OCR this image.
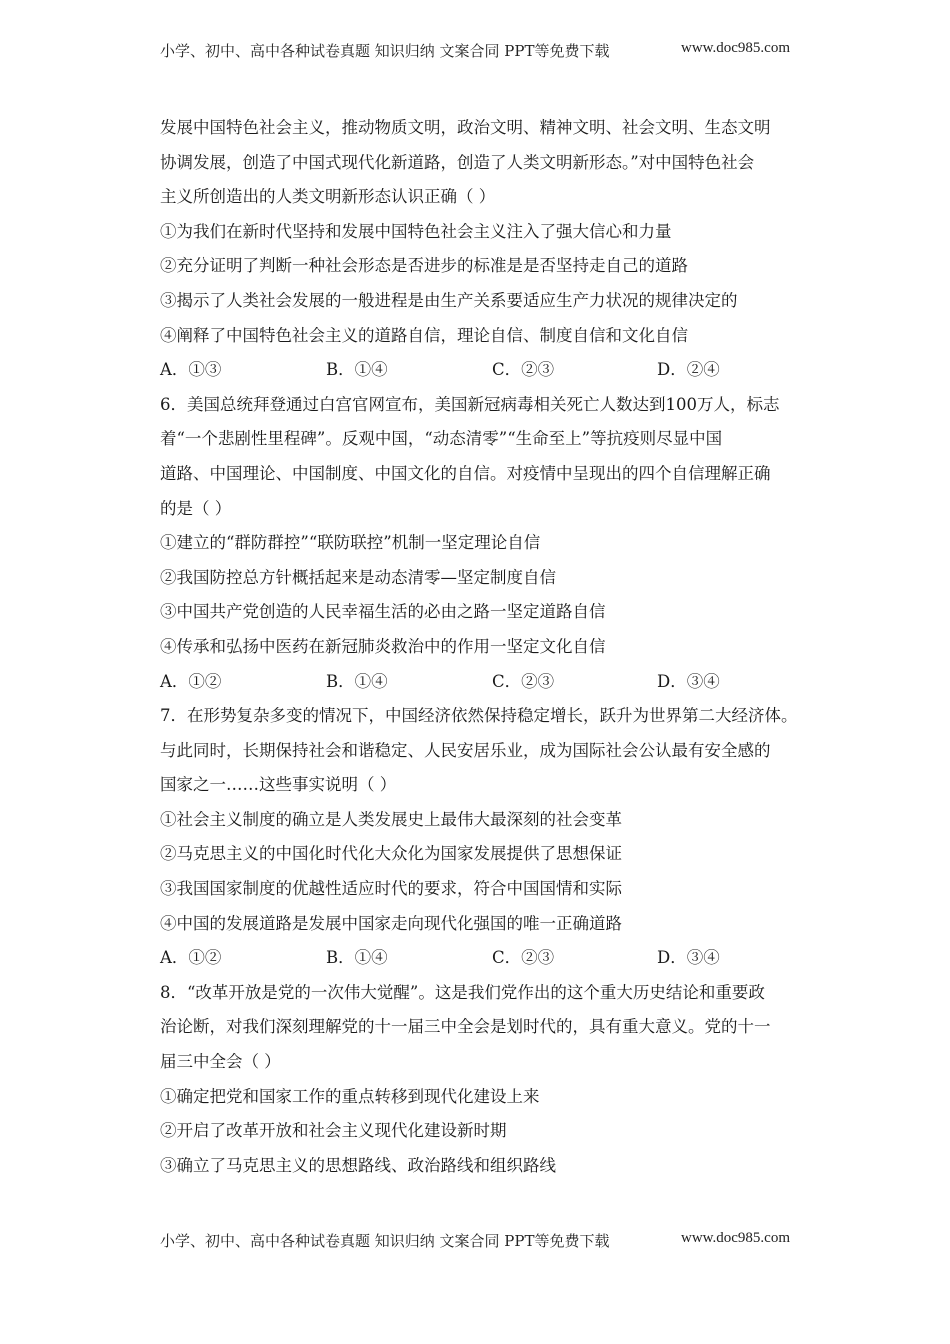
小学、初中、高中各种试卷真题 知识归纳 文案合同 PPT等免费下载	www.doc985.com
发展中国特色社会主义，推动物质文明，政治文明、精神文明、社会文明、生态文明
协调发展，创造了中国式现代化新道路，创造了人类文明新形态。”对中国特色社会
主义所创造出的人类文明新形态认识正确（ ）
①为我们在新时代坚持和发展中国特色社会主义注入了强大信心和力量
②充分证明了判断一种社会形态是否进步的标准是是否坚持走自己的道路
③揭示了人类社会发展的一般进程是由生产关系要适应生产力状况的规律决定的
④阐释了中国特色社会主义的道路自信，理论自信、制度自信和文化自信
A．①③	B．①④	C．②③	D．②④
6．美国总统拜登通过白宫官网宣布，美国新冠病毒相关死亡人数达到100万人，标志
着“一个悲剧性里程碑”。反观中国，“动态清零”“生命至上”等抗疫则尽显中国
道路、中国理论、中国制度、中国文化的自信。对疫情中呈现出的四个自信理解正确
的是（ ）
①建立的“群防群控”“联防联控”机制一坚定理论自信
②我国防控总方针概括起来是动态清零—坚定制度自信
③中国共产党创造的人民幸福生活的必由之路一坚定道路自信
④传承和弘扬中医药在新冠肺炎救治中的作用一坚定文化自信
A．①②	B．①④	C．②③	D．③④
7．在形势复杂多变的情况下，中国经济依然保持稳定增长，跃升为世界第二大经济体。
与此同时，长期保持社会和谐稳定、人民安居乐业，成为国际社会公认最有安全感的
国家之一……这些事实说明（ ）
①社会主义制度的确立是人类发展史上最伟大最深刻的社会变革
②马克思主义的中国化时代化大众化为国家发展提供了思想保证
③我国国家制度的优越性适应时代的要求，符合中国国情和实际
④中国的发展道路是发展中国家走向现代化强国的唯一正确道路
A．①②	B．①④	C．②③	D．③④
8．“改革开放是党的一次伟大觉醒”。这是我们党作出的这个重大历史结论和重要政
治论断，对我们深刻理解党的十一届三中全会是划时代的，具有重大意义。党的十一
届三中全会（ ）
①确定把党和国家工作的重点转移到现代化建设上来
②开启了改革开放和社会主义现代化建设新时期
③确立了马克思主义的思想路线、政治路线和组织路线
小学、初中、高中各种试卷真题 知识归纳 文案合同 PPT等免费下载	www.doc985.com
